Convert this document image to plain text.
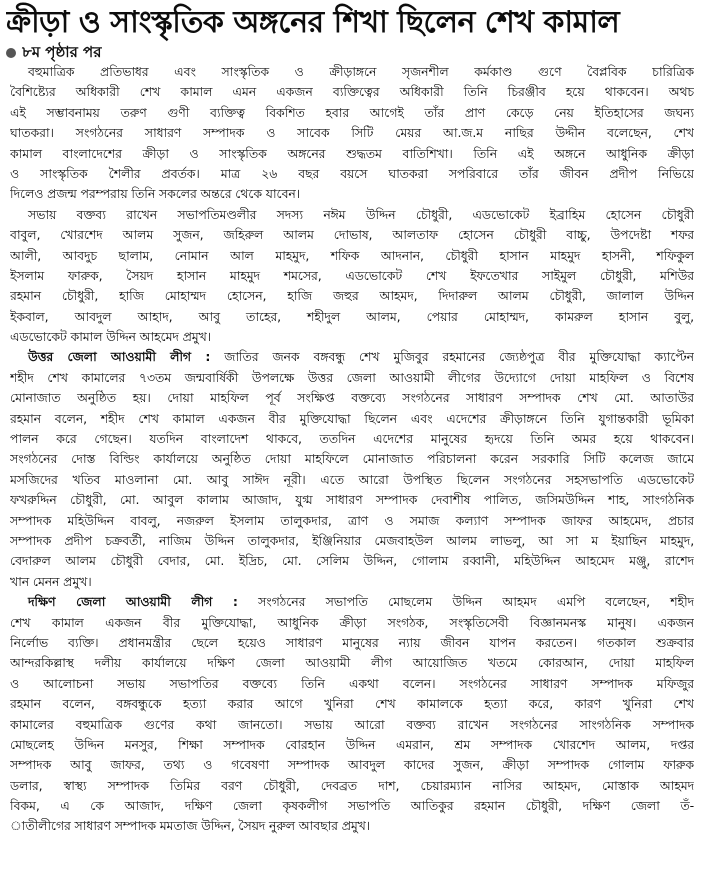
ক্রীড়া ও সাংস্কৃতিক অঙ্গনের শিখা ছিলেন শেখ কামাল
৮ম পৃষ্ঠার পর
বহুমাত্রিক প্রতিভাধর এবং সাংস্কৃতিক ও ক্রীড়াঙ্গনে সৃজনশীল কর্মকাণ্ড গুণে বৈপ্লবিক চারিত্রিক
বৈশিষ্ট্যের অধিকারী শেখ কামাল এমন একজন ব্যক্তিত্বের অধিকারী তিনি চিরঞ্জীব হয়ে থাকবেন। অথচ
এই সম্ভাবনাময় তরুণ গুণী ব্যক্তিত্ব বিকশিত হবার আগেই তাঁর প্রাণ কেড়ে নেয় ইতিহাসের জঘন্য
ঘাতকরা। সংগঠনের সাধারণ সম্পাদক ও সাবেক সিটি মেয়র আ.জ.ম নাছির উদ্দীন বলেছেন, শেখ
কামাল বাংলাদেশের ক্রীড়া ও সাংস্কৃতিক অঙ্গনের শুদ্ধতম বাতিশিখা। তিনি এই অঙ্গনে আধুনিক ক্রীড়া
ও সাংস্কৃতিক শৈলীর প্রবর্তক। মাত্র ২৬ বছর বয়সে ঘাতকরা সপরিবারে তাঁর জীবন প্রদীপ নিভিয়ে
দিলেও প্রজন্ম পরম্পরায় তিনি সকলের অন্তরে থেকে যাবেন।
সভায় বক্তব্য রাখেন সভাপতিমণ্ডলীর সদস্য নঈম উদ্দিন চৌধুরী, এডভোকেট ইব্রাহিম হোসেন চৌধুরী
বাবুল, খোরশেদ আলম সুজন, জহিরুল আলম দোভাষ, আলতাফ হোসেন চৌধুরী বাচ্চু, উপদেষ্টা শফর
আলী, আবদুচ ছালাম, নোমান আল মাহমুদ, শফিক আদনান, চৌধুরী হাসান মাহমুদ হাসনী, শফিকুল
ইসলাম ফারুক, সৈয়দ হাসান মাহমুদ শমসের, এডভোকেট শেখ ইফতেখার সাইমুল চৌধুরী, মশিউর
রহমান চৌধুরী, হাজি মোহাম্মদ হোসেন, হাজি জহুর আহমদ, দিদারুল আলম চৌধুরী, জালাল উদ্দিন
ইকবাল, আবদুল আহাদ, আবু তাহের, শহীদুল আলম, পেয়ার মোহাম্মদ, কামরুল হাসান বুলু,
এডভোকেট কামাল উদ্দিন আহমেদ প্রমুখ।
উত্তর জেলা আওয়ামী লীগ : জাতির জনক বঙ্গবন্ধু শেখ মুজিবুর রহমানের জ্যেষ্ঠপুত্র বীর মুক্তিযোদ্ধা ক্যাপ্টেন
শহীদ শেখ কামালের ৭৩তম জন্মবার্ষিকী উপলক্ষে উত্তর জেলা আওয়ামী লীগের উদ্যোগে দোয়া মাহফিল ও বিশেষ
মোনাজাত অনুষ্ঠিত হয়। দোয়া মাহফিল পূর্ব সংক্ষিপ্ত বক্তব্যে সংগঠনের সাধারণ সম্পাদক শেখ মো. আতাউর
রহমান বলেন, শহীদ শেখ কামাল একজন বীর মুক্তিযোদ্ধা ছিলেন এবং এদেশের ক্রীড়াঙ্গনে তিনি যুগান্তকারী ভূমিকা
পালন করে গেছেন। যতদিন বাংলাদেশ থাকবে, ততদিন এদেশের মানুষের হৃদয়ে তিনি অমর হয়ে থাকবেন।
সংগঠনের দোস্ত বিল্ডিং কার্যালয়ে অনুষ্ঠিত দোয়া মাহফিলে মোনাজাত পরিচালনা করেন সরকারি সিটি কলেজ জামে
মসজিদের খতিব মাওলানা মো. আবু সাঈদ নূরী। এতে আরো উপস্থিত ছিলেন সংগঠনের সহসভাপতি এডভোকেট
ফখরুদ্দিন চৌধুরী, মো. আবুল কালাম আজাদ, যুগ্ম সাধারণ সম্পাদক দেবাশীষ পালিত, জসিমউদ্দিন শাহ, সাংগঠনিক
সম্পাদক মহিউদ্দিন বাবলু, নজরুল ইসলাম তালুকদার, ত্রাণ ও সমাজ কল্যাণ সম্পাদক জাফর আহমেদ, প্রচার
সম্পাদক প্রদীপ চক্রবর্তী, নাজিম উদ্দিন তালুকদার, ইঞ্জিনিয়ার মেজবাহউল আলম লাভলু, আ সা ম ইয়াছিন মাহমুদ,
বেদারুল আলম চৌধুরী বেদার, মো. ইদ্রিচ, মো. সেলিম উদ্দিন, গোলাম রব্বানী, মহিউদ্দিন আহমেদ মঞ্জু, রাশেদ
খান মেনন প্রমুখ।
দক্ষিণ জেলা আওয়ামী লীগ : সংগঠনের সভাপতি মোছলেম উদ্দিন আহমদ এমপি বলেছেন, শহীদ
শেখ কামাল একজন বীর মুক্তিযোদ্ধা, আধুনিক ক্রীড়া সংগঠক, সংস্কৃতিসেবী বিজ্ঞানমনস্ক মানুষ। একজন
নির্লোভ ব্যক্তি। প্রধানমন্ত্রীর ছেলে হয়েও সাধারণ মানুষের ন্যায় জীবন যাপন করতেন। গতকাল শুক্রবার
আন্দরকিল্লাস্থ দলীয় কার্যালয়ে দক্ষিণ জেলা আওয়ামী লীগ আয়োজিত খতমে কোরআন, দোয়া মাহফিল
ও আলোচনা সভায় সভাপতির বক্তব্যে তিনি একথা বলেন। সংগঠনের সাধারণ সম্পাদক মফিজুর
রহমান বলেন, বঙ্গবন্ধুকে হত্যা করার আগে খুনিরা শেখ কামালকে হত্যা করে, কারণ খুনিরা শেখ
কামালের বহুমাত্রিক গুণের কথা জানতো। সভায় আরো বক্তব্য রাখেন সংগঠনের সাংগঠনিক সম্পাদক
মোছলেহ উদ্দিন মনসুর, শিক্ষা সম্পাদক বোরহান উদ্দিন এমরান, শ্রম সম্পাদক খোরশেদ আলম, দপ্তর
সম্পাদক আবু জাফর, তথ্য ও গবেষণা সম্পাদক আবদুল কাদের সুজন, ক্রীড়া সম্পাদক গোলাম ফারুক
ডলার, স্বাস্থ্য সম্পাদক তিমির বরণ চৌধুরী, দেবব্রত দাশ, চেয়ারম্যান নাসির আহমদ, মোস্তাক আহমদ
বিকম, এ কে আজাদ, দক্ষিণ জেলা কৃষকলীগ সভাপতি আতিকুর রহমান চৌধুরী, দক্ষিণ জেলা তঁ-
াতীলীগের সাধারণ সম্পাদক মমতাজ উদ্দিন, সৈয়দ নুরুল আবছার প্রমুখ।
